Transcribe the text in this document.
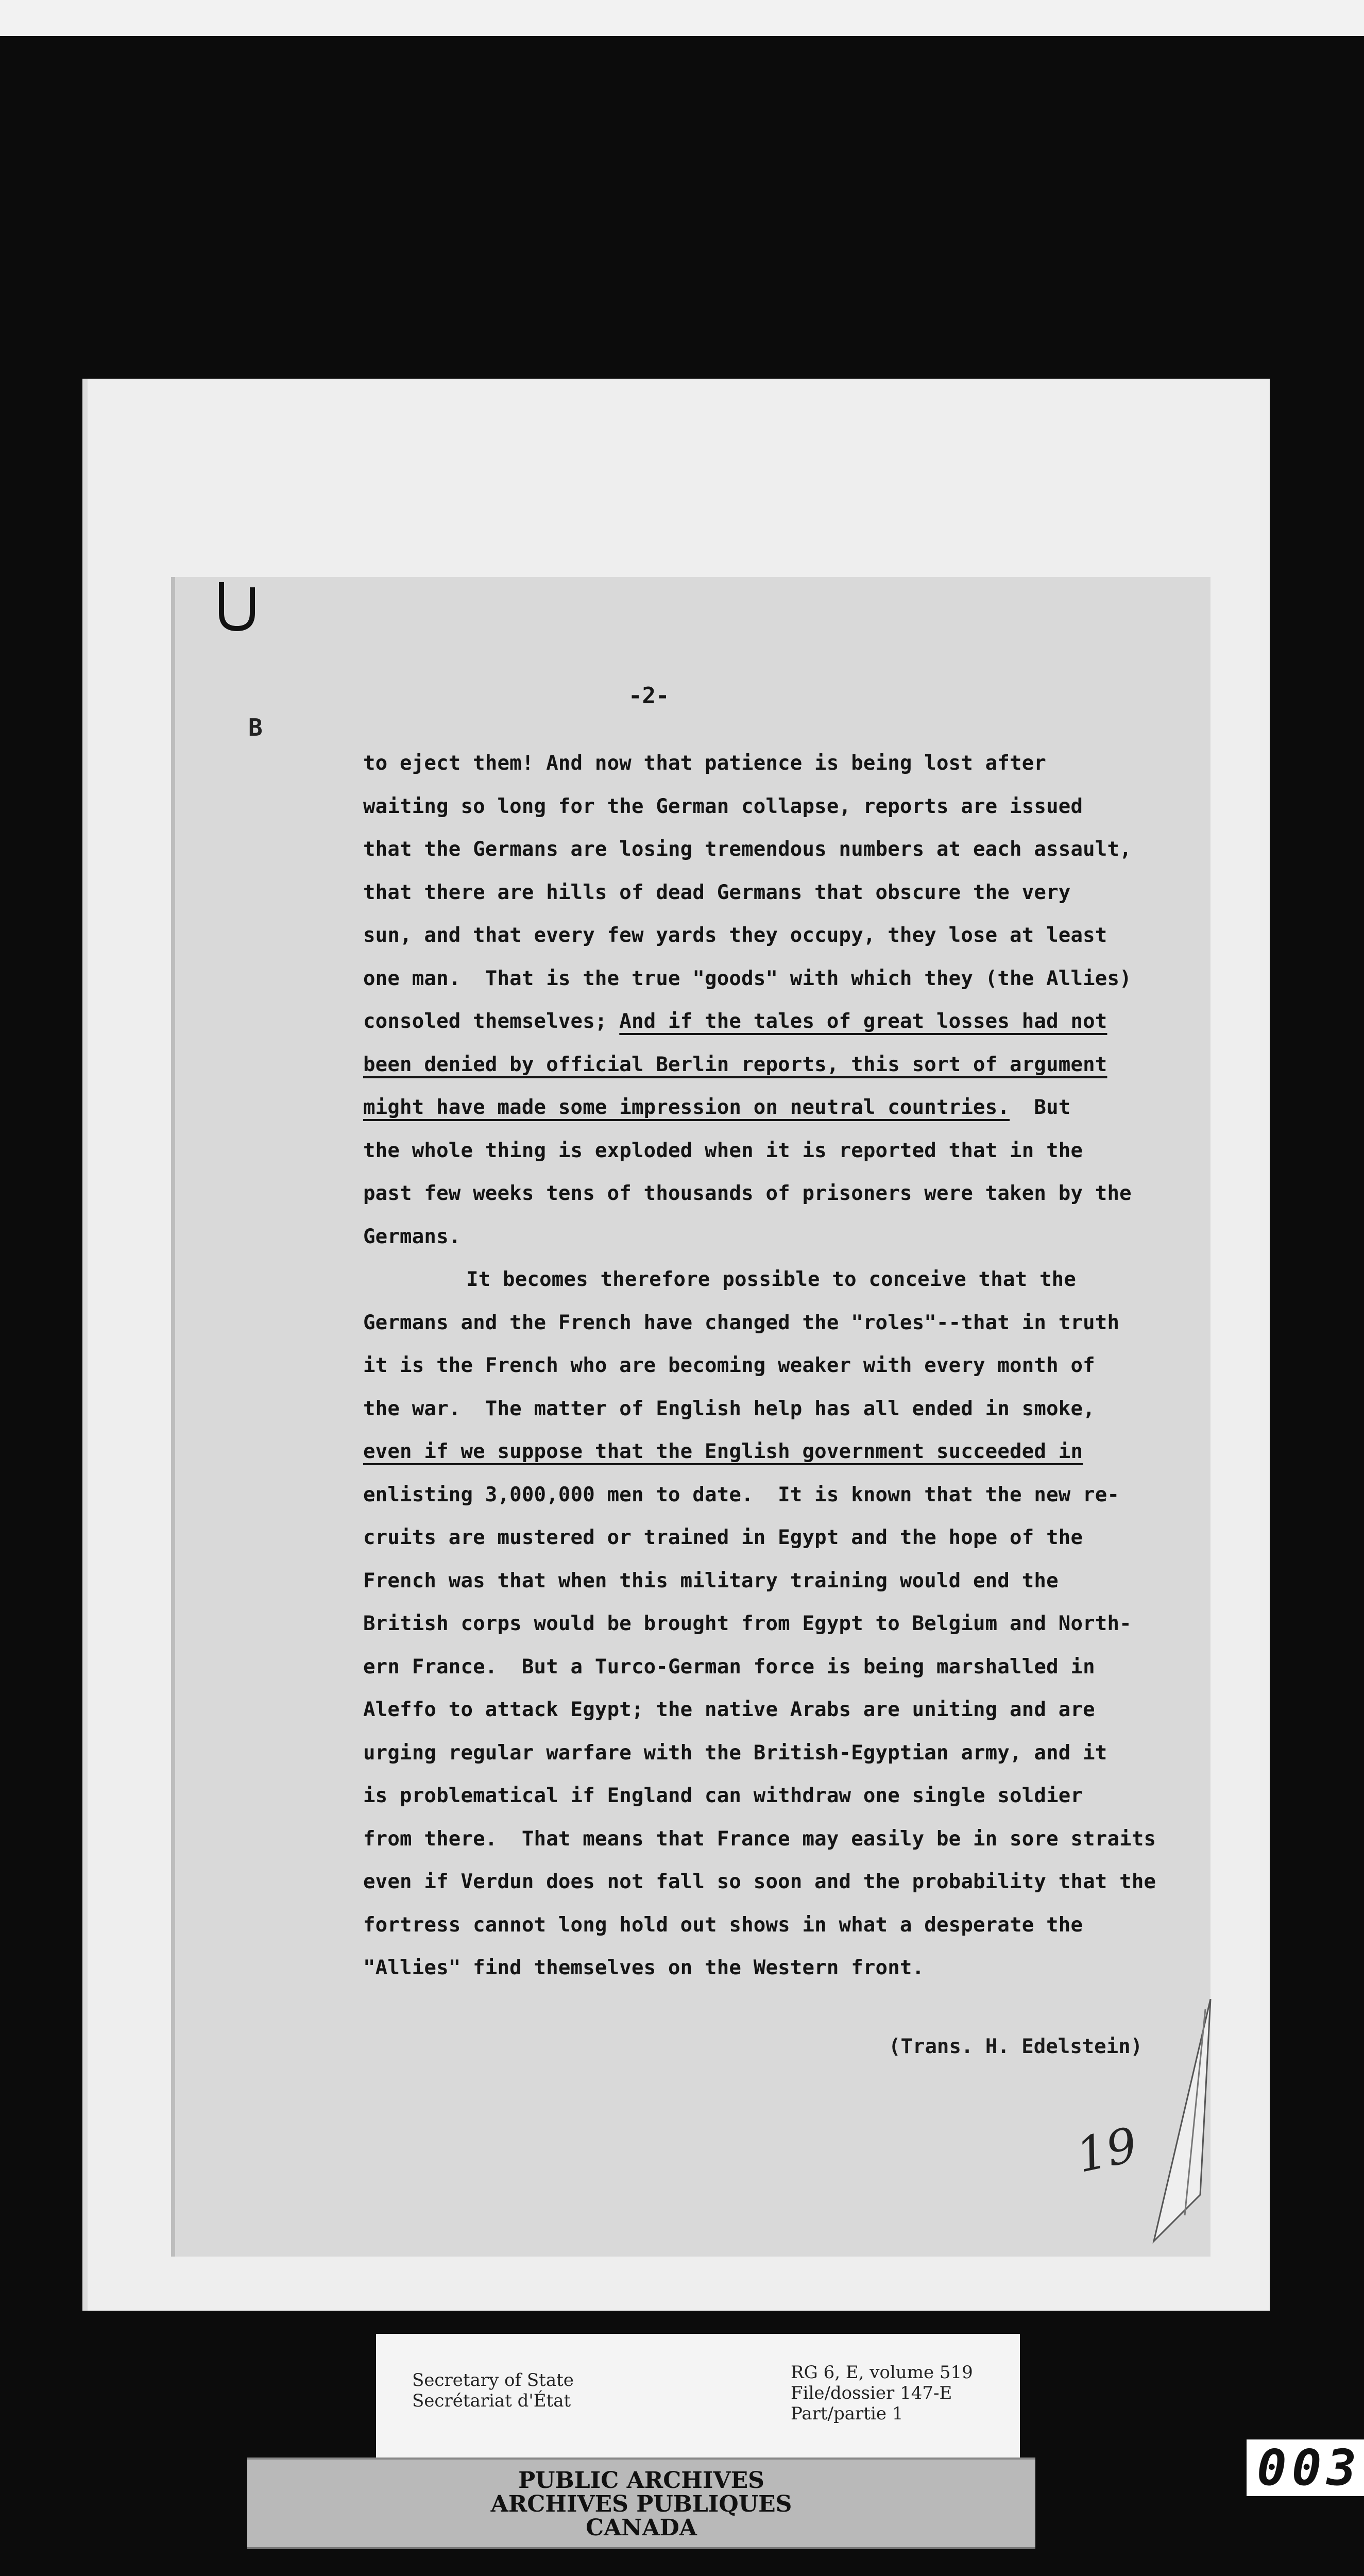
B
-2-
to eject them! And now that patience is being lost after
waiting so long for the German collapse, reports are issued
that the Germans are losing tremendous numbers at each assault,
that there are hills of dead Germans that obscure the very
sun, and that every few yards they occupy, they lose at least
one man.  That is the true "goods" with which they (the Allies)
consoled themselves; And if the tales of great losses had not
been denied by official Berlin reports, this sort of argument
might have made some impression on neutral countries.  But
the whole thing is exploded when it is reported that in the
past few weeks tens of thousands of prisoners were taken by the
Germans.
It becomes therefore possible to conceive that the
Germans and the French have changed the "roles"--that in truth
it is the French who are becoming weaker with every month of
the war.  The matter of English help has all ended in smoke,
even if we suppose that the English government succeeded in
enlisting 3,000,000 men to date.  It is known that the new re-
cruits are mustered or trained in Egypt and the hope of the
French was that when this military training would end the
British corps would be brought from Egypt to Belgium and North-
ern France.  But a Turco-German force is being marshalled in
Aleffo to attack Egypt; the native Arabs are uniting and are
urging regular warfare with the British-Egyptian army, and it
is problematical if England can withdraw one single soldier
from there.  That means that France may easily be in sore straits
even if Verdun does not fall so soon and the probability that the
fortress cannot long hold out shows in what a desperate the
"Allies" find themselves on the Western front.
(Trans. H. Edelstein)
19
Secretary of State
Secrétariat d'État
RG 6, E, volume 519
File/dossier 147-E
Part/partie 1
PUBLIC ARCHIVES
ARCHIVES PUBLIQUES
CANADA
003
